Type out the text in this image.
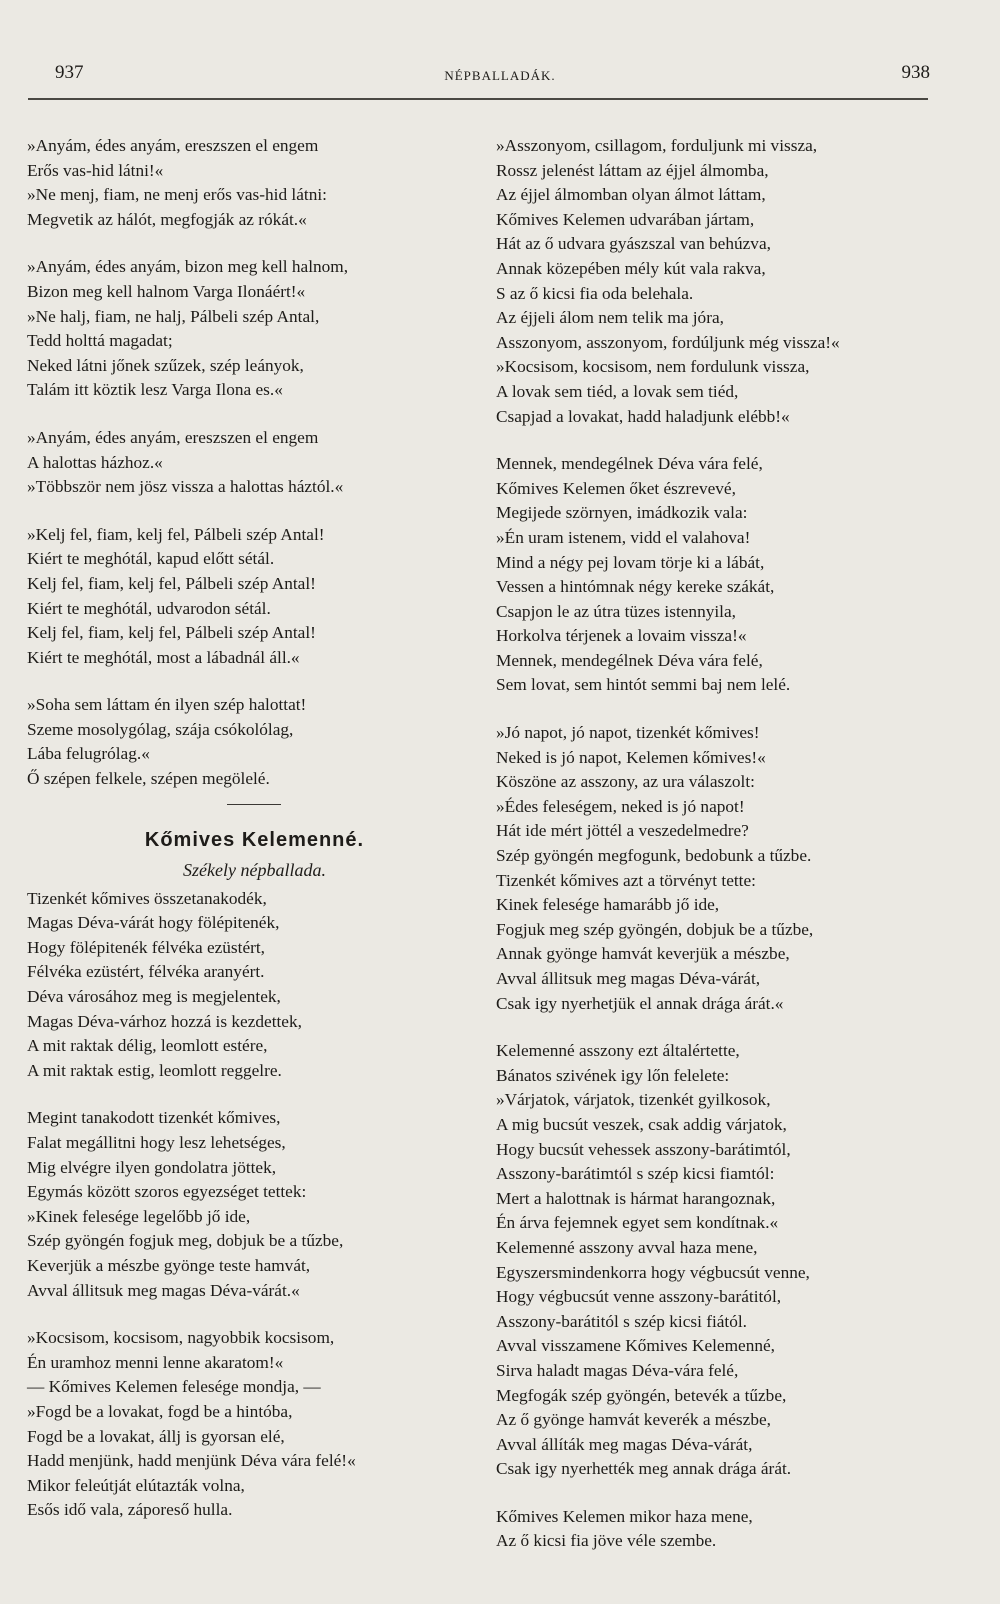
937	NÉPBALLADÁK.	938
»Anyám, édes anyám, ereszszen el engem
Erős vas-hid látni!«
»Ne menj, fiam, ne menj erős vas-hid látni:
Megvetik az hálót, megfogják az rókát.«
»Anyám, édes anyám, bizon meg kell halnom,
Bizon meg kell halnom Varga Ilonáért!«
»Ne halj, fiam, ne halj, Pálbeli szép Antal,
Tedd holttá magadat;
Neked látni jőnek szűzek, szép leányok,
Talám itt köztik lesz Varga Ilona es.«
»Anyám, édes anyám, ereszszen el engem
A halottas házhoz.«
»Többször nem jösz vissza a halottas háztól.«
»Kelj fel, fiam, kelj fel, Pálbeli szép Antal!
Kiért te meghótál, kapud előtt sétál.
Kelj fel, fiam, kelj fel, Pálbeli szép Antal!
Kiért te meghótál, udvarodon sétál.
Kelj fel, fiam, kelj fel, Pálbeli szép Antal!
Kiért te meghótál, most a lábadnál áll.«
»Soha sem láttam én ilyen szép halottat!
Szeme mosolygólag, szája csókolólag,
Lába felugrólag.«
Ő szépen felkele, szépen megölelé.
Kőmives Kelemenné.
Székely népballada.
Tizenkét kőmives összetanakodék,
Magas Déva-várát hogy fölépitenék,
Hogy fölépitenék félvéka ezüstért,
Félvéka ezüstért, félvéka aranyért.
Déva városához meg is megjelentek,
Magas Déva-várhoz hozzá is kezdettek,
A mit raktak délig, leomlott estére,
A mit raktak estig, leomlott reggelre.
Megint tanakodott tizenkét kőmives,
Falat megállitni hogy lesz lehetséges,
Mig elvégre ilyen gondolatra jöttek,
Egymás között szoros egyezséget tettek:
»Kinek felesége legelőbb jő ide,
Szép gyöngén fogjuk meg, dobjuk be a tűzbe,
Keverjük a mészbe gyönge teste hamvát,
Avval állitsuk meg magas Déva-várát.«
»Kocsisom, kocsisom, nagyobbik kocsisom,
Én uramhoz menni lenne akaratom!«
— Kőmives Kelemen felesége mondja, —
»Fogd be a lovakat, fogd be a hintóba,
Fogd be a lovakat, állj is gyorsan elé,
Hadd menjünk, hadd menjünk Déva vára felé!«
Mikor feleútját elútazták volna,
Esős idő vala, záporeső hulla.
»Asszonyom, csillagom, forduljunk mi vissza,
Rossz jelenést láttam az éjjel álmomba,
Az éjjel álmomban olyan álmot láttam,
Kőmives Kelemen udvarában jártam,
Hát az ő udvara gyászszal van behúzva,
Annak közepében mély kút vala rakva,
S az ő kicsi fia oda belehala.
Az éjjeli álom nem telik ma jóra,
Asszonyom, asszonyom, fordúljunk még vissza!«
»Kocsisom, kocsisom, nem fordulunk vissza,
A lovak sem tiéd, a lovak sem tiéd,
Csapjad a lovakat, hadd haladjunk elébb!«
Mennek, mendegélnek Déva vára felé,
Kőmives Kelemen őket észrevevé,
Megijede szörnyen, imádkozik vala:
»Én uram istenem, vidd el valahova!
Mind a négy pej lovam törje ki a lábát,
Vessen a hintómnak négy kereke szákát,
Csapjon le az útra tüzes istennyila,
Horkolva térjenek a lovaim vissza!«
Mennek, mendegélnek Déva vára felé,
Sem lovat, sem hintót semmi baj nem lelé.
»Jó napot, jó napot, tizenkét kőmives!
Neked is jó napot, Kelemen kőmives!«
Köszöne az asszony, az ura válaszolt:
»Édes feleségem, neked is jó napot!
Hát ide mért jöttél a veszedelmedre?
Szép gyöngén megfogunk, bedobunk a tűzbe.
Tizenkét kőmives azt a törvényt tette:
Kinek felesége hamarább jő ide,
Fogjuk meg szép gyöngén, dobjuk be a tűzbe,
Annak gyönge hamvát keverjük a mészbe,
Avval állitsuk meg magas Déva-várát,
Csak igy nyerhetjük el annak drága árát.«
Kelemenné asszony ezt általértette,
Bánatos szivének igy lőn felelete:
»Várjatok, várjatok, tizenkét gyilkosok,
A mig bucsút veszek, csak addig várjatok,
Hogy bucsút vehessek asszony-barátimtól,
Asszony-barátimtól s szép kicsi fiamtól:
Mert a halottnak is hármat harangoznak,
Én árva fejemnek egyet sem kondítnak.«
Kelemenné asszony avval haza mene,
Egyszersmindenkorra hogy végbucsút venne,
Hogy végbucsút venne asszony-barátitól,
Asszony-barátitól s szép kicsi fiától.
Avval visszamene Kőmives Kelemenné,
Sirva haladt magas Déva-vára felé,
Megfogák szép gyöngén, betevék a tűzbe,
Az ő gyönge hamvát keverék a mészbe,
Avval állíták meg magas Déva-várát,
Csak igy nyerhették meg annak drága árát.
Kőmives Kelemen mikor haza mene,
Az ő kicsi fia jöve véle szembe.
